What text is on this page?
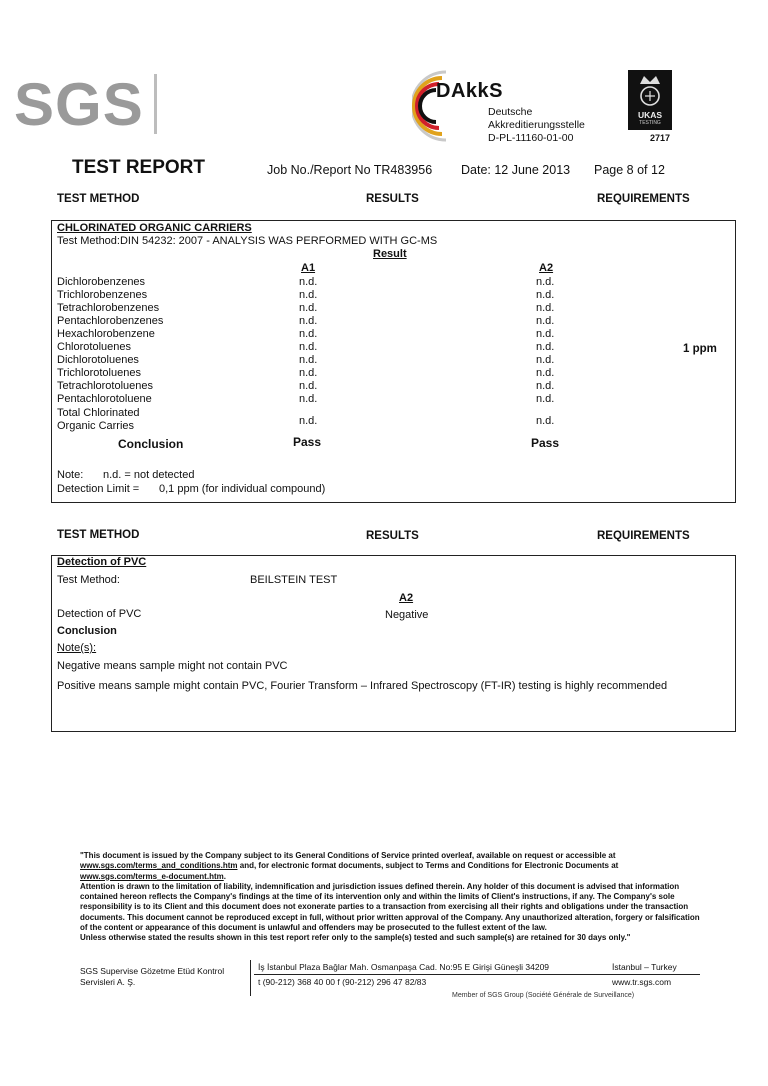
SGS	DAkkS
Deutsche
Akkreditierungsstelle
D-PL-11160-01-00
UKAS
TESTING
2717
TEST REPORT	Job No./Report No TR483956 Date: 12 June 2013 Page 8 of 12
TEST METHOD	RESULTS	REQUIREMENTS
CHLORINATED ORGANIC CARRIERS
Test Method:DIN 54232: 2007 - ANALYSIS WAS PERFORMED WITH GC-MS
Result
A1	A2
Dichlorobenzenes	n.d.	n.d.
Trichlorobenzenes	n.d.	n.d.
Tetrachlorobenzenes	n.d.	n.d.
Pentachlorobenzenes	n.d.	n.d.
Hexachlorobenzene	n.d.	n.d.
Chlorotoluenes	n.d.	n.d.
Dichlorotoluenes	n.d.	n.d.
Trichlorotoluenes	n.d.	n.d.
Tetrachlorotoluenes	n.d.	n.d.
Pentachlorotoluene	n.d.	n.d.
Total Chlorinated
Organic Carries	n.d.	n.d.
1 ppm
Conclusion	Pass	Pass
Note: n.d. = not detected
Detection Limit = 0,1 ppm (for individual compound)
TEST METHOD	RESULTS	REQUIREMENTS
Detection of PVC
Test Method:	BEILSTEIN TEST
A2
Detection of PVC	Negative
Conclusion
Note(s):
Negative means sample might not contain PVC
Positive means sample might contain PVC, Fourier Transform – Infrared Spectroscopy (FT-IR) testing is highly recommended
"This document is issued by the Company subject to its General Conditions of Service printed overleaf, available on request or accessible at www.sgs.com/terms_and_conditions.htm and, for electronic format documents, subject to Terms and Conditions for Electronic Documents at www.sgs.com/terms_e-document.htm.
Attention is drawn to the limitation of liability, indemnification and jurisdiction issues defined therein. Any holder of this document is advised that information contained hereon reflects the Company's findings at the time of its intervention only and within the limits of Client's instructions, if any. The Company's sole responsibility is to its Client and this document does not exonerate parties to a transaction from exercising all their rights and obligations under the transaction documents. This document cannot be reproduced except in full, without prior written approval of the Company. Any unauthorized alteration, forgery or falsification of the content or appearance of this document is unlawful and offenders may be prosecuted to the fullest extent of the law.
Unless otherwise stated the results shown in this test report refer only to the sample(s) tested and such sample(s) are retained for 30 days only."
SGS Supervise Gözetme Etüd Kontrol
Servisleri A. Ş.
İş İstanbul Plaza Bağlar Mah. Osmanpaşa Cad. No:95 E Girişi Güneşli 34209
t (90-212) 368 40 00 f (90-212) 296 47 82/83
İstanbul – Turkey
www.tr.sgs.com
Member of SGS Group (Société Générale de Surveillance)
